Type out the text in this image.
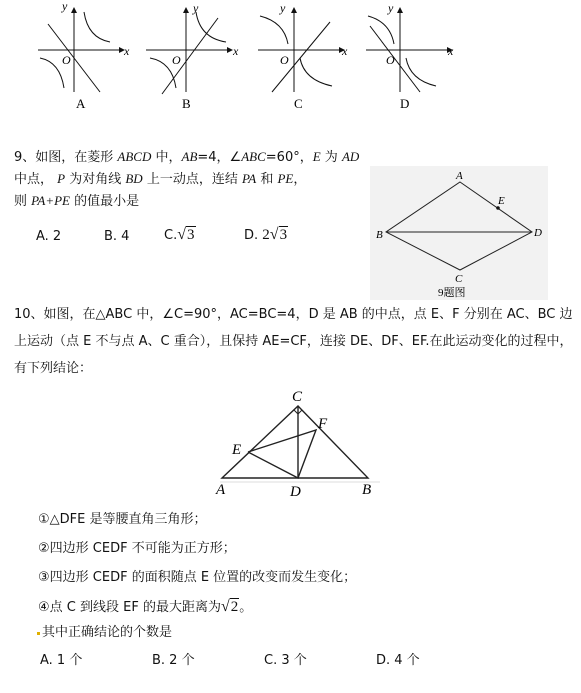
y
x
O
A
y
x
O
B
y
x
O
C
y
x
O
D
9、如图，在菱形 ABCD 中，AB=4，∠ABC=60°，E 为 AD
中点， P 为对角线 BD 上一动点，连结 PA 和 PE，
则 PA+PE 的值最小是
A. 2	B. 4	C.√3	D. 2√3
A
E
B	D
C
9题图
10、如图，在△ABC 中，∠C=90°，AC=BC=4，D 是 AB 的中点，点 E、F 分别在 AC、BC 边
上运动（点 E 不与点 A、C 重合），且保持 AE=CF，连接 DE、DF、EF.在此运动变化的过程中，
有下列结论：
C
F
E
A	D	B
①△DFE 是等腰直角三角形；
②四边形 CEDF 不可能为正方形；
③四边形 CEDF 的面积随点 E 位置的改变而发生变化；
④点 C 到线段 EF 的最大距离为√2。
其中正确结论的个数是
A. 1 个	B. 2 个	C. 3 个	D. 4 个
